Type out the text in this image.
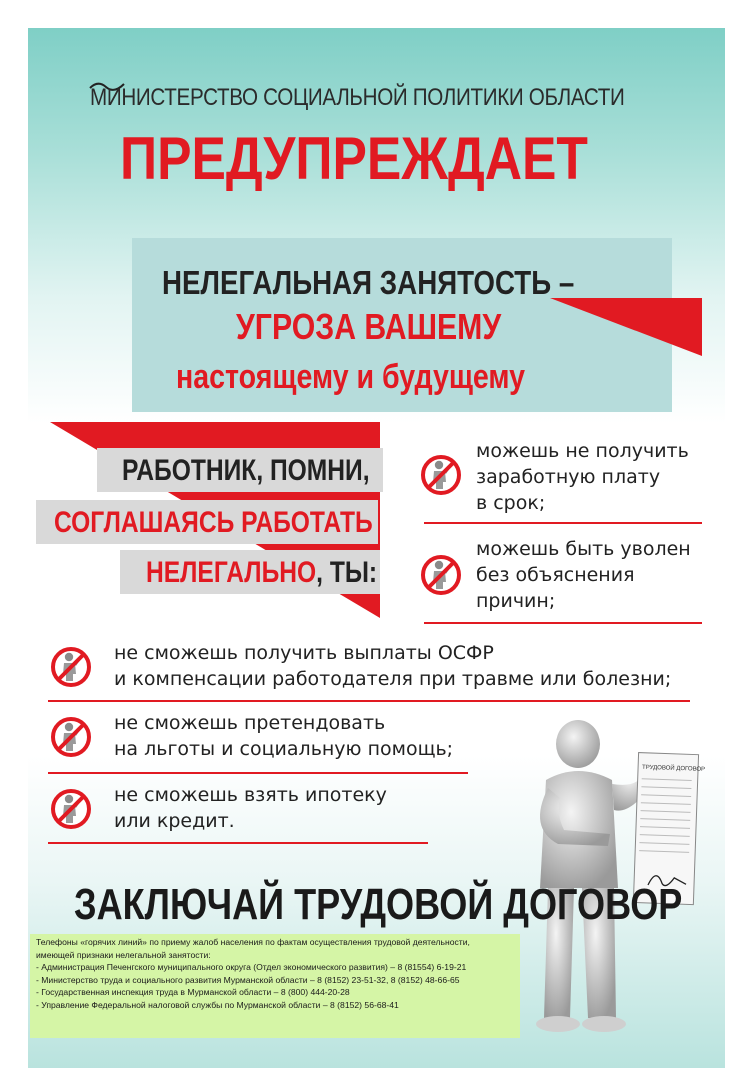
МИНИСТЕРСТВО СОЦИАЛЬНОЙ ПОЛИТИКИ ОБЛАСТИ
ПРЕДУПРЕЖДАЕТ
НЕЛЕГАЛЬНАЯ ЗАНЯТОСТЬ –
УГРОЗА ВАШЕМУ
настоящему и будущему
РАБОТНИК, ПОМНИ,
СОГЛАШАЯСЬ РАБОТАТЬ
НЕЛЕГАЛЬНО, ТЫ:
можешь не получить
заработную плату
в срок;
можешь быть уволен
без объяснения
причин;
не сможешь получить выплаты ОСФР
и компенсации работодателя при травме или болезни;
не сможешь претендовать
на льготы и социальную помощь;
не сможешь взять ипотеку
или кредит.
ТРУДОВОЙ ДОГОВОР
ЗАКЛЮЧАЙ ТРУДОВОЙ ДОГОВОР
Телефоны «горячих линий» по приему жалоб населения по фактам осуществления трудовой деятельности,
имеющей признаки нелегальной занятости:
- Администрация Печенгского муниципального округа (Отдел экономического развития) – 8 (81554) 6-19-21
- Министерство труда и социального развития Мурманской области – 8 (8152) 23-51-32, 8 (8152) 48-66-65
- Государственная инспекция труда в Мурманской области – 8 (800) 444-20-28
- Управление Федеральной налоговой службы по Мурманской области – 8 (8152) 56-68-41
